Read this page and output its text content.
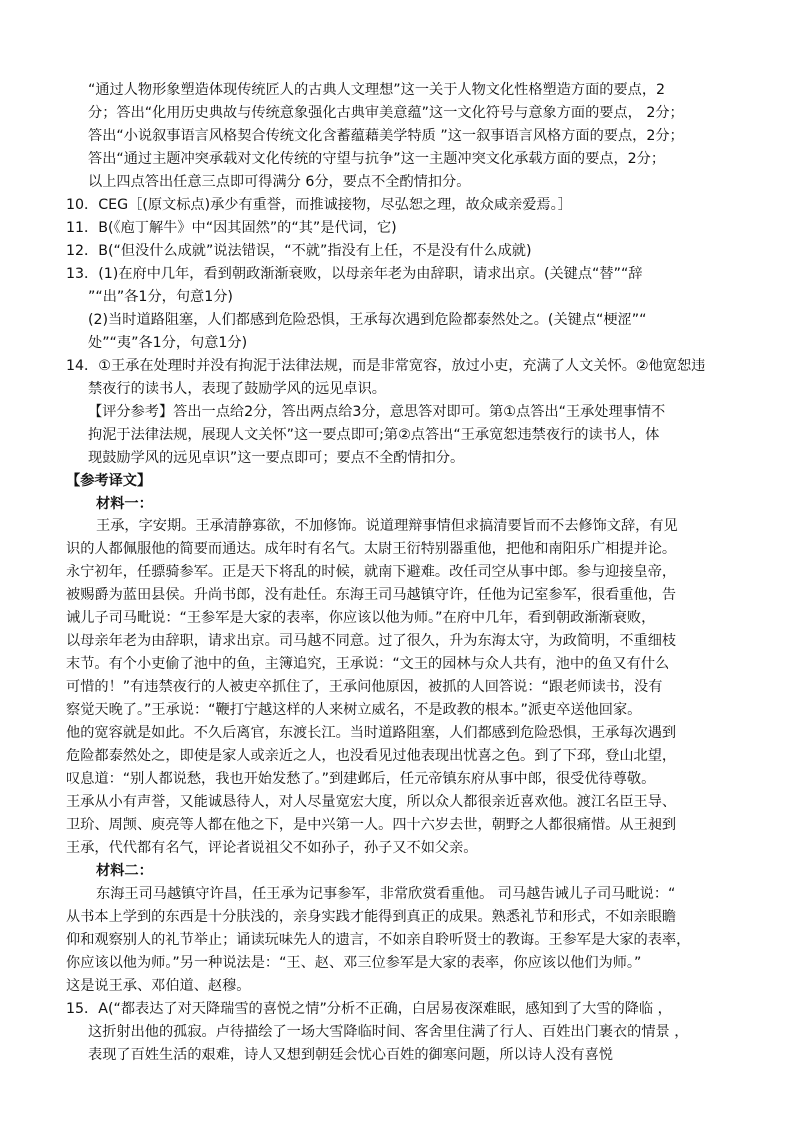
“通过人物形象塑造体现传统匠人的古典人文理想”这一关于人物文化性格塑造方面的要点，2
分；答出“化用历史典故与传统意象强化古典审美意蕴”这一文化符号与意象方面的要点， 2分；
答出“小说叙事语言风格契合传统文化含蓄蕴藉美学特质 ”这一叙事语言风格方面的要点，2分；
答出“通过主题冲突承载对文化传统的守望与抗争”这一主题冲突文化承载方面的要点，2分；
以上四点答出任意三点即可得满分 6分，要点不全酌情扣分。
10．CEG［(原文标点)承少有重誉，而推诚接物，尽弘恕之理，故众咸亲爱焉。］
11．B(《庖丁解牛》中“因其固然”的“其”是代词，它)
12．B(“但没什么成就”说法错误，“不就”指没有上任，不是没有什么成就)
13．(1)在府中几年，看到朝政渐渐衰败，以母亲年老为由辞职，请求出京。(关键点“替”“辞
”“出”各1分，句意1分)
(2)当时道路阻塞，人们都感到危险恐惧，王承每次遇到危险都泰然处之。(关键点“梗涩”“
处”“夷”各1分，句意1分)
14．①王承在处理时并没有拘泥于法律法规，而是非常宽容，放过小吏，充满了人文关怀。②他宽恕违
禁夜行的读书人，表现了鼓励学风的远见卓识。
【评分参考】答出一点给2分，答出两点给3分，意思答对即可。第①点答出“王承处理事情不
拘泥于法律法规，展现人文关怀”这一要点即可;第②点答出“王承宽恕违禁夜行的读书人，体
现鼓励学风的远见卓识”这一要点即可；要点不全酌情扣分。
【参考译文】
材料一：
王承，字安期。王承清静寡欲，不加修饰。说道理辩事情但求搞清要旨而不去修饰文辞，有见
识的人都佩服他的简要而通达。成年时有名气。太尉王衍特别器重他，把他和南阳乐广相提并论。
永宁初年，任骠骑参军。正是天下将乱的时候，就南下避难。改任司空从事中郎。参与迎接皇帝，
被赐爵为蓝田县侯。升尚书郎，没有赴任。东海王司马越镇守许，任他为记室参军，很看重他，告
诫儿子司马毗说：“王参军是大家的表率，你应该以他为师。”在府中几年，看到朝政渐渐衰败，
以母亲年老为由辞职，请求出京。司马越不同意。过了很久，升为东海太守，为政简明，不重细枝
末节。有个小吏偷了池中的鱼，主簿追究，王承说：“文王的园林与众人共有，池中的鱼又有什么
可惜的！”有违禁夜行的人被吏卒抓住了，王承问他原因，被抓的人回答说：“跟老师读书，没有
察觉天晚了。”王承说：“鞭打宁越这样的人来树立威名，不是政教的根本。”派吏卒送他回家。
他的宽容就是如此。不久后离官，东渡长江。当时道路阻塞，人们都感到危险恐惧，王承每次遇到
危险都泰然处之，即使是家人或亲近之人，也没看见过他表现出忧喜之色。到了下邳，登山北望，
叹息道：“别人都说愁，我也开始发愁了。”到建邺后，任元帝镇东府从事中郎，很受优待尊敬。
王承从小有声誉，又能诚恳待人，对人尽量宽宏大度，所以众人都很亲近喜欢他。渡江名臣王导、
卫玠、周𫖮、庾亮等人都在他之下，是中兴第一人。四十六岁去世，朝野之人都很痛惜。从王昶到
王承，代代都有名气，评论者说祖父不如孙子，孙子又不如父亲。
材料二：
东海王司马越镇守许昌，任王承为记事参军，非常欣赏看重他。 司马越告诫儿子司马毗说：“
从书本上学到的东西是十分肤浅的，亲身实践才能得到真正的成果。熟悉礼节和形式，不如亲眼瞻
仰和观察别人的礼节举止；诵读玩味先人的遗言，不如亲自聆听贤士的教诲。王参军是大家的表率，
你应该以他为师。”另一种说法是：“王、赵、邓三位参军是大家的表率，你应该以他们为师。”
这是说王承、邓伯道、赵穆。
15．A(“都表达了对天降瑞雪的喜悦之情”分析不正确，白居易夜深难眠，感知到了大雪的降临 ，
这折射出他的孤寂。卢待描绘了一场大雪降临时间、客舍里住满了行人、百姓出门裹衣的情景 ，
表现了百姓生活的艰难，诗人又想到朝廷会忧心百姓的御寒问题，所以诗人没有喜悦
